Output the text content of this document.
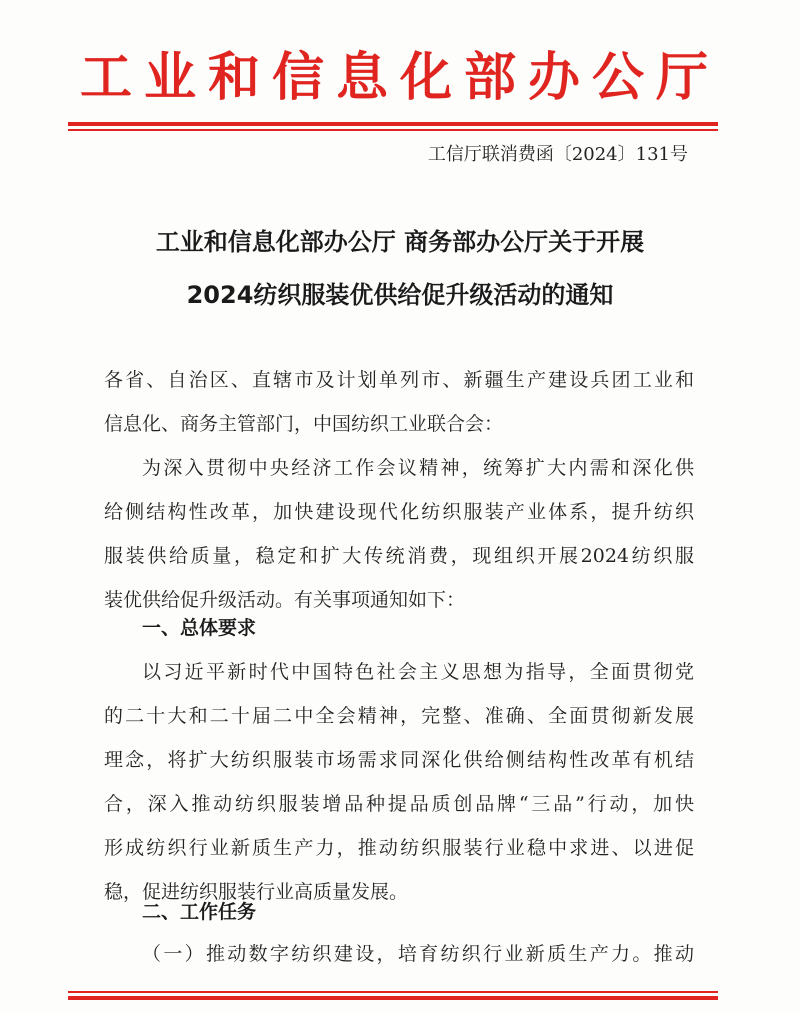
工业和信息化部办公厅
工信厅联消费函〔2024〕131号
工业和信息化部办公厅 商务部办公厅关于开展
2024纺织服装优供给促升级活动的通知
各省、自治区、直辖市及计划单列市、新疆生产建设兵团工业和
信息化、商务主管部门，中国纺织工业联合会：
为深入贯彻中央经济工作会议精神，统筹扩大内需和深化供
给侧结构性改革，加快建设现代化纺织服装产业体系，提升纺织
服装供给质量，稳定和扩大传统消费，现组织开展2024纺织服
装优供给促升级活动。有关事项通知如下：
一、总体要求
以习近平新时代中国特色社会主义思想为指导，全面贯彻党
的二十大和二十届二中全会精神，完整、准确、全面贯彻新发展
理念，将扩大纺织服装市场需求同深化供给侧结构性改革有机结
合，深入推动纺织服装增品种提品质创品牌“三品”行动，加快
形成纺织行业新质生产力，推动纺织服装行业稳中求进、以进促
稳，促进纺织服装行业高质量发展。
二、工作任务
（一）推动数字纺织建设，培育纺织行业新质生产力。推动
